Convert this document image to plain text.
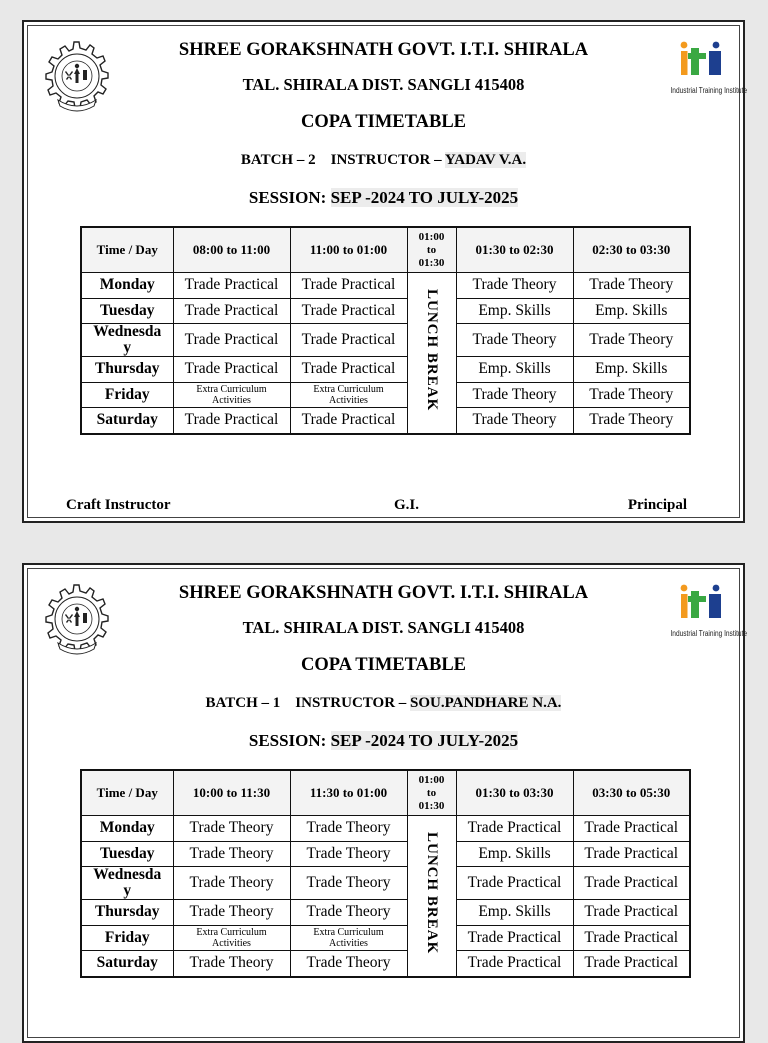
Industrial Training Institute
SHREE GORAKSHNATH GOVT. I.T.I. SHIRALA
TAL. SHIRALA DIST. SANGLI 415408
COPA TIMETABLE
BATCH – 2 INSTRUCTOR – YADAV V.A.
SESSION: SEP -2024 TO JULY-2025
Time / Day	08:00 to 11:00	11:00 to 01:00	01:00
to
01:30	01:30 to 02:30	02:30 to 03:30
Monday	Trade Practical	Trade Practical	LUNCH BREAK	Trade Theory	Trade Theory
Tuesday	Trade Practical	Trade Practical		Emp. Skills	Emp. Skills
Wednesda
y	Trade Practical	Trade Practical		Trade Theory	Trade Theory
Thursday	Trade Practical	Trade Practical		Emp. Skills	Emp. Skills
Friday	Extra Curriculum
Activities	Extra Curriculum
Activities		Trade Theory	Trade Theory
Saturday	Trade Practical	Trade Practical		Trade Theory	Trade Theory
Craft Instructor	G.I.	Principal
Industrial Training Institute
SHREE GORAKSHNATH GOVT. I.T.I. SHIRALA
TAL. SHIRALA DIST. SANGLI 415408
COPA TIMETABLE
BATCH – 1 INSTRUCTOR – SOU.PANDHARE N.A.
SESSION: SEP -2024 TO JULY-2025
Time / Day	10:00 to 11:30	11:30 to 01:00	01:00
to
01:30	01:30 to 03:30	03:30 to 05:30
Monday	Trade Theory	Trade Theory	LUNCH BREAK	Trade Practical	Trade Practical
Tuesday	Trade Theory	Trade Theory		Emp. Skills	Trade Practical
Wednesda
y	Trade Theory	Trade Theory		Trade Practical	Trade Practical
Thursday	Trade Theory	Trade Theory		Emp. Skills	Trade Practical
Friday	Extra Curriculum
Activities	Extra Curriculum
Activities		Trade Practical	Trade Practical
Saturday	Trade Theory	Trade Theory		Trade Practical	Trade Practical
